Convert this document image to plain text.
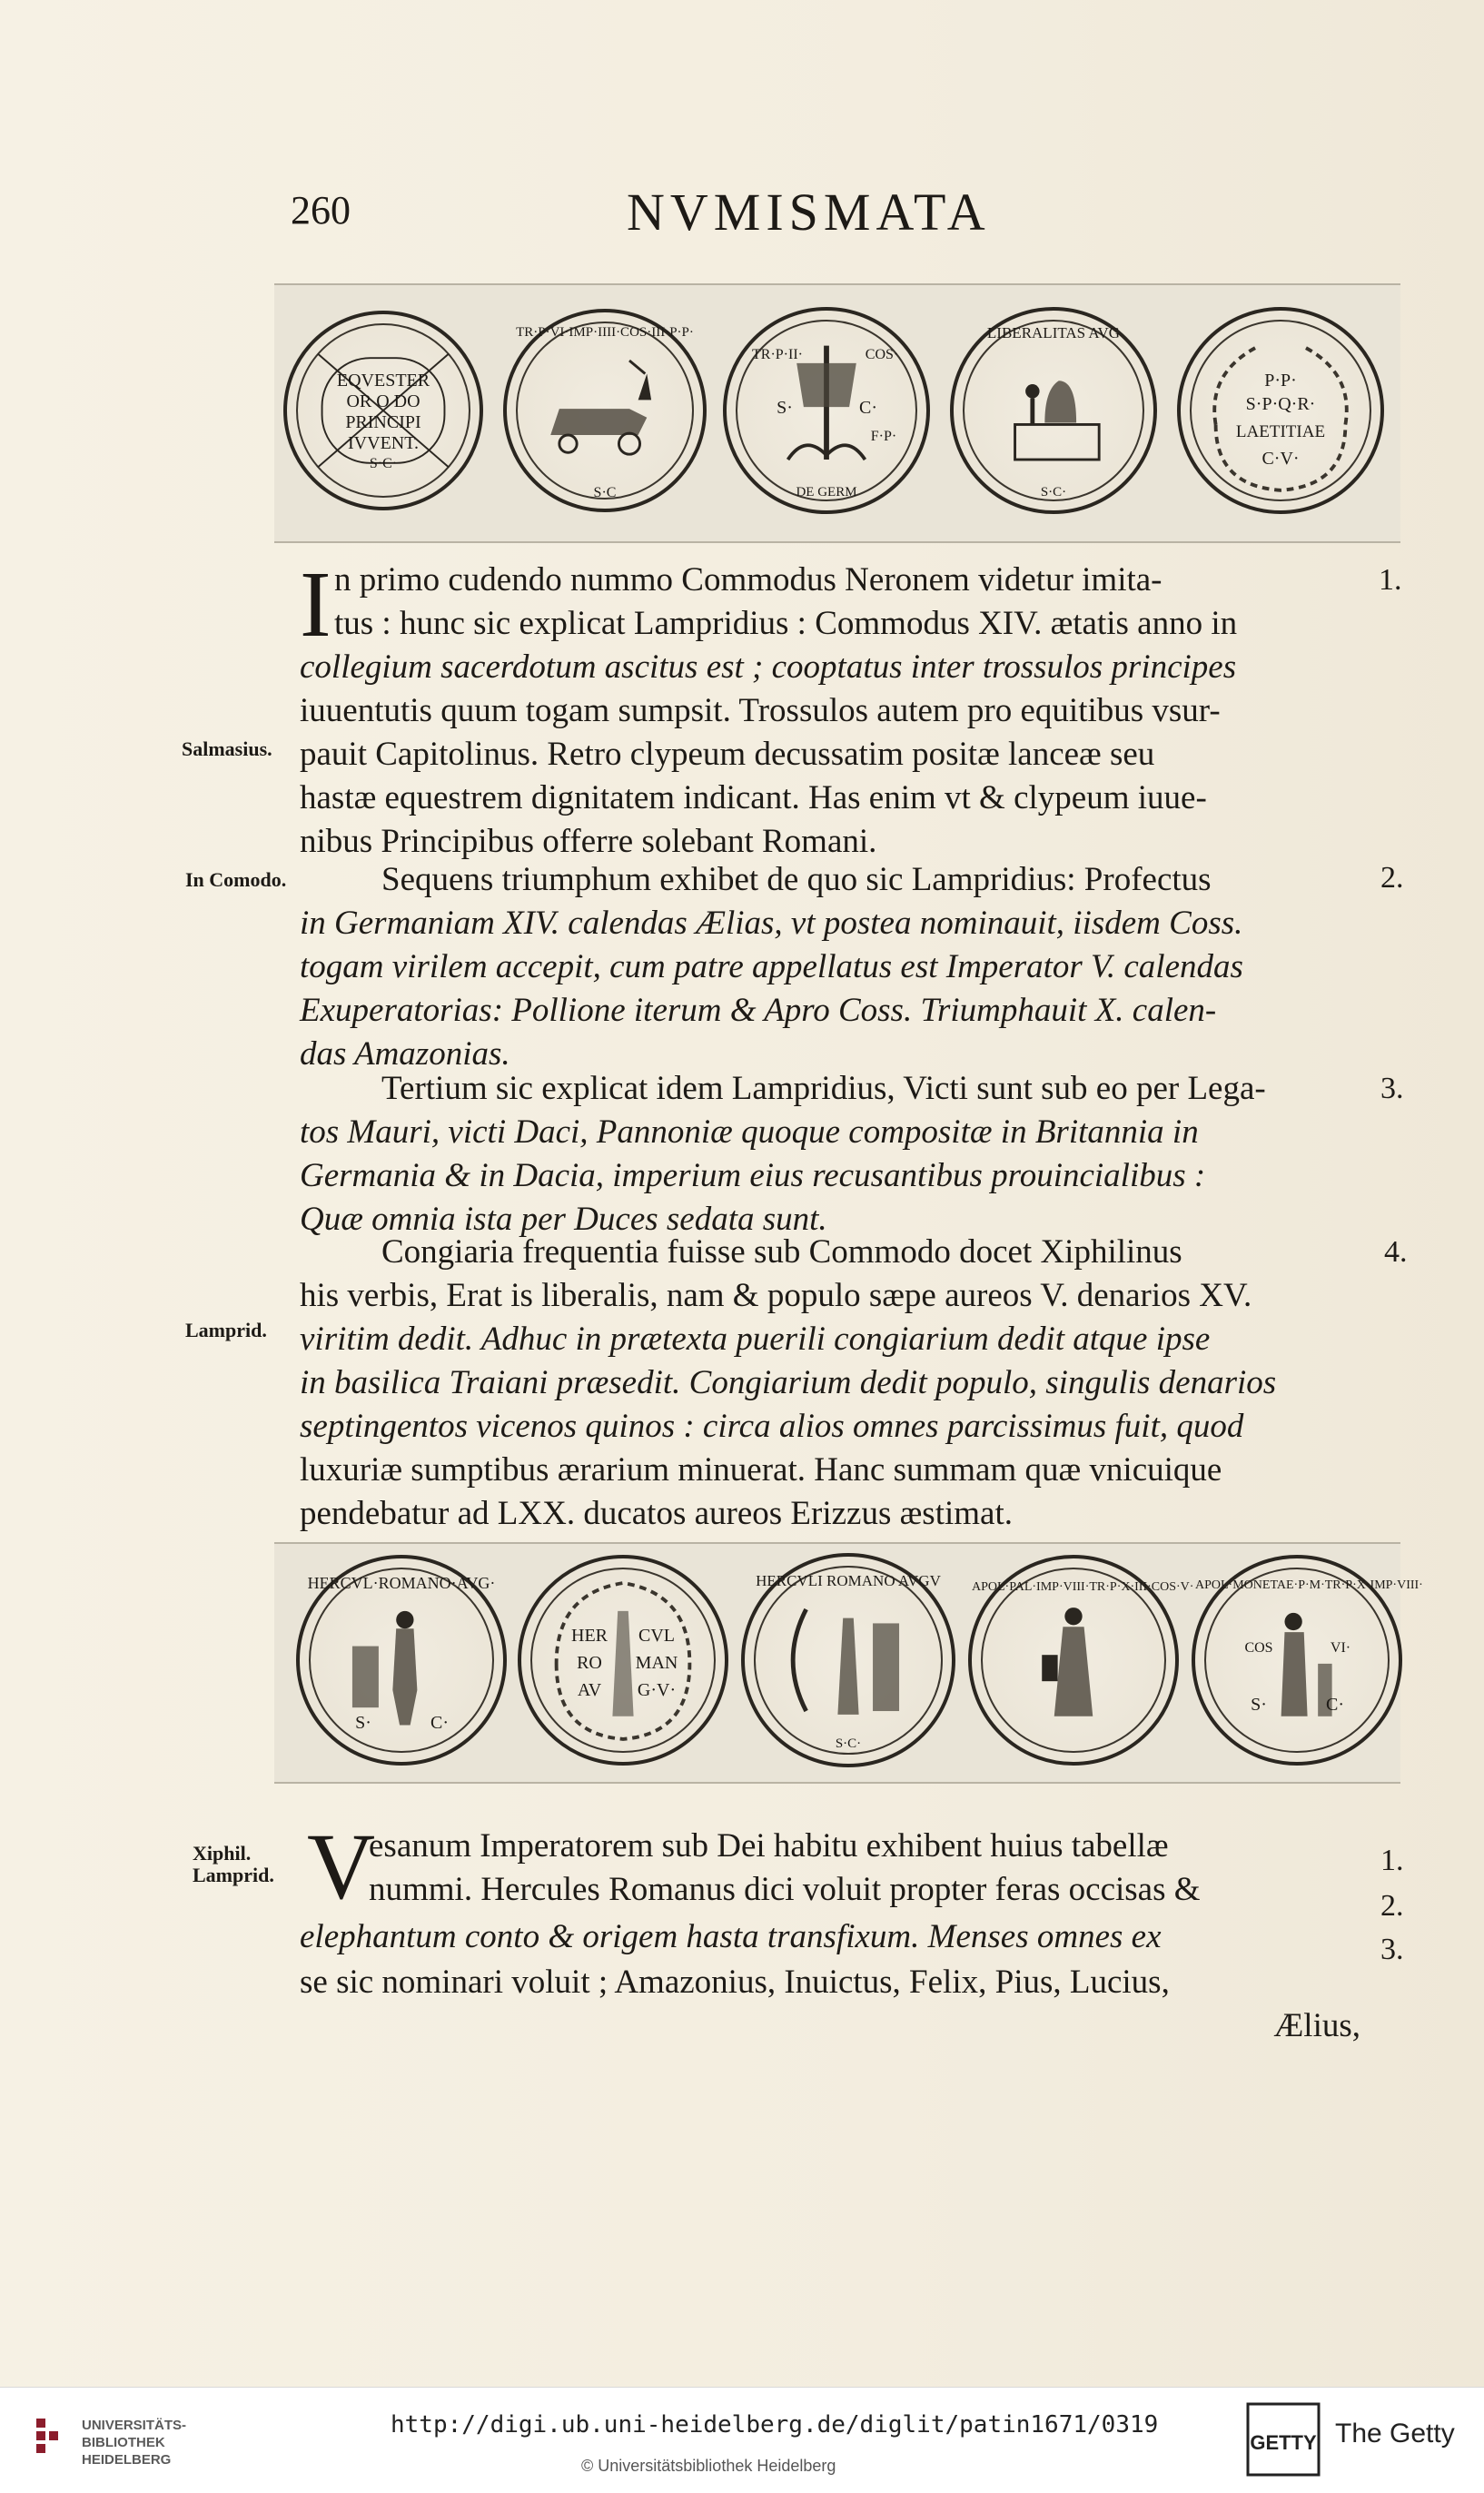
260	NVMISMATA
EQVESTER
OR O DO
PRINCIPI
IVVENT.
S·C·
TR·P·VI·IMP·IIII·COS·III·P·P·
S·C
TR·P·II·	COS·
S·	C·
F·P·
DE GERM
LIBERALITAS AVG
S·C·
P·P·
S·P·Q·R·
LAETITIAE
C·V·
I n primo cudendo nummo Commodus Neronem videtur imita-
tus : hunc sic explicat Lampridius : Commodus XIV. ætatis anno in
collegium sacerdotum ascitus est ; cooptatus inter trossulos principes
iuuentutis quum togam sumpsit. Trossulos autem pro equitibus vsur-
pauit Capitolinus. Retro clypeum decussatim positæ lanceæ seu
hastæ equestrem dignitatem indicant. Has enim vt & clypeum iuue-
nibus Principibus offerre solebant Romani.
Sequens triumphum exhibet de quo sic Lampridius: Profectus
in Germaniam XIV. calendas Ælias, vt postea nominauit, iisdem Coss.
togam virilem accepit, cum patre appellatus est Imperator V. calendas
Exuperatorias: Pollione iterum & Apro Coss. Triumphauit X. calen-
das Amazonias.
Tertium sic explicat idem Lampridius, Victi sunt sub eo per Lega-
tos Mauri, victi Daci, Pannoniæ quoque compositæ in Britannia in
Germania & in Dacia, imperium eius recusantibus prouincialibus :
Quæ omnia ista per Duces sedata sunt.
Congiaria frequentia fuisse sub Commodo docet Xiphilinus
his verbis, Erat is liberalis, nam & populo sæpe aureos V. denarios XV.
viritim dedit. Adhuc in prætexta puerili congiarium dedit atque ipse
in basilica Traiani præsedit. Congiarium dedit populo, singulis denarios
septingentos vicenos quinos : circa alios omnes parcissimus fuit, quod
luxuriæ sumptibus ærarium minuerat. Hanc summam quæ vnicuique
pendebatur ad LXX. ducatos aureos Erizzus æstimat.
HERCVL·ROMANO·AVG·
S·	C·
HER	CVL
RO	MAN
AV	G·V·
HERCVLI ROMANO AVGV
S·C·
APOL·PAL·IMP·VIII·TR·P·X·III·COS·V· APOL·MONETAE·P·M·TR·P·X·IMP·VIII·
COS	VI·
S·	C·
V
esanum Imperatorem sub Dei habitu exhibent huius tabellæ
nummi. Hercules Romanus dici voluit propter feras occisas &
elephantum conto & origem hasta transfixum. Menses omnes ex
se sic nominari voluit ; Amazonius, Inuictus, Felix, Pius, Lucius,
Ælius,
Salmasius.
In Comodo.
Lamprid.
Xiphil.
Lamprid.
1.
2.
3.
4.
1.
2.
3.
UNIVERSITÄTS-
BIBLIOTHEK
HEIDELBERG
http://digi.ub.uni-heidelberg.de/diglit/patin1671/0319
© Universitätsbibliothek Heidelberg
GETTY The Getty
